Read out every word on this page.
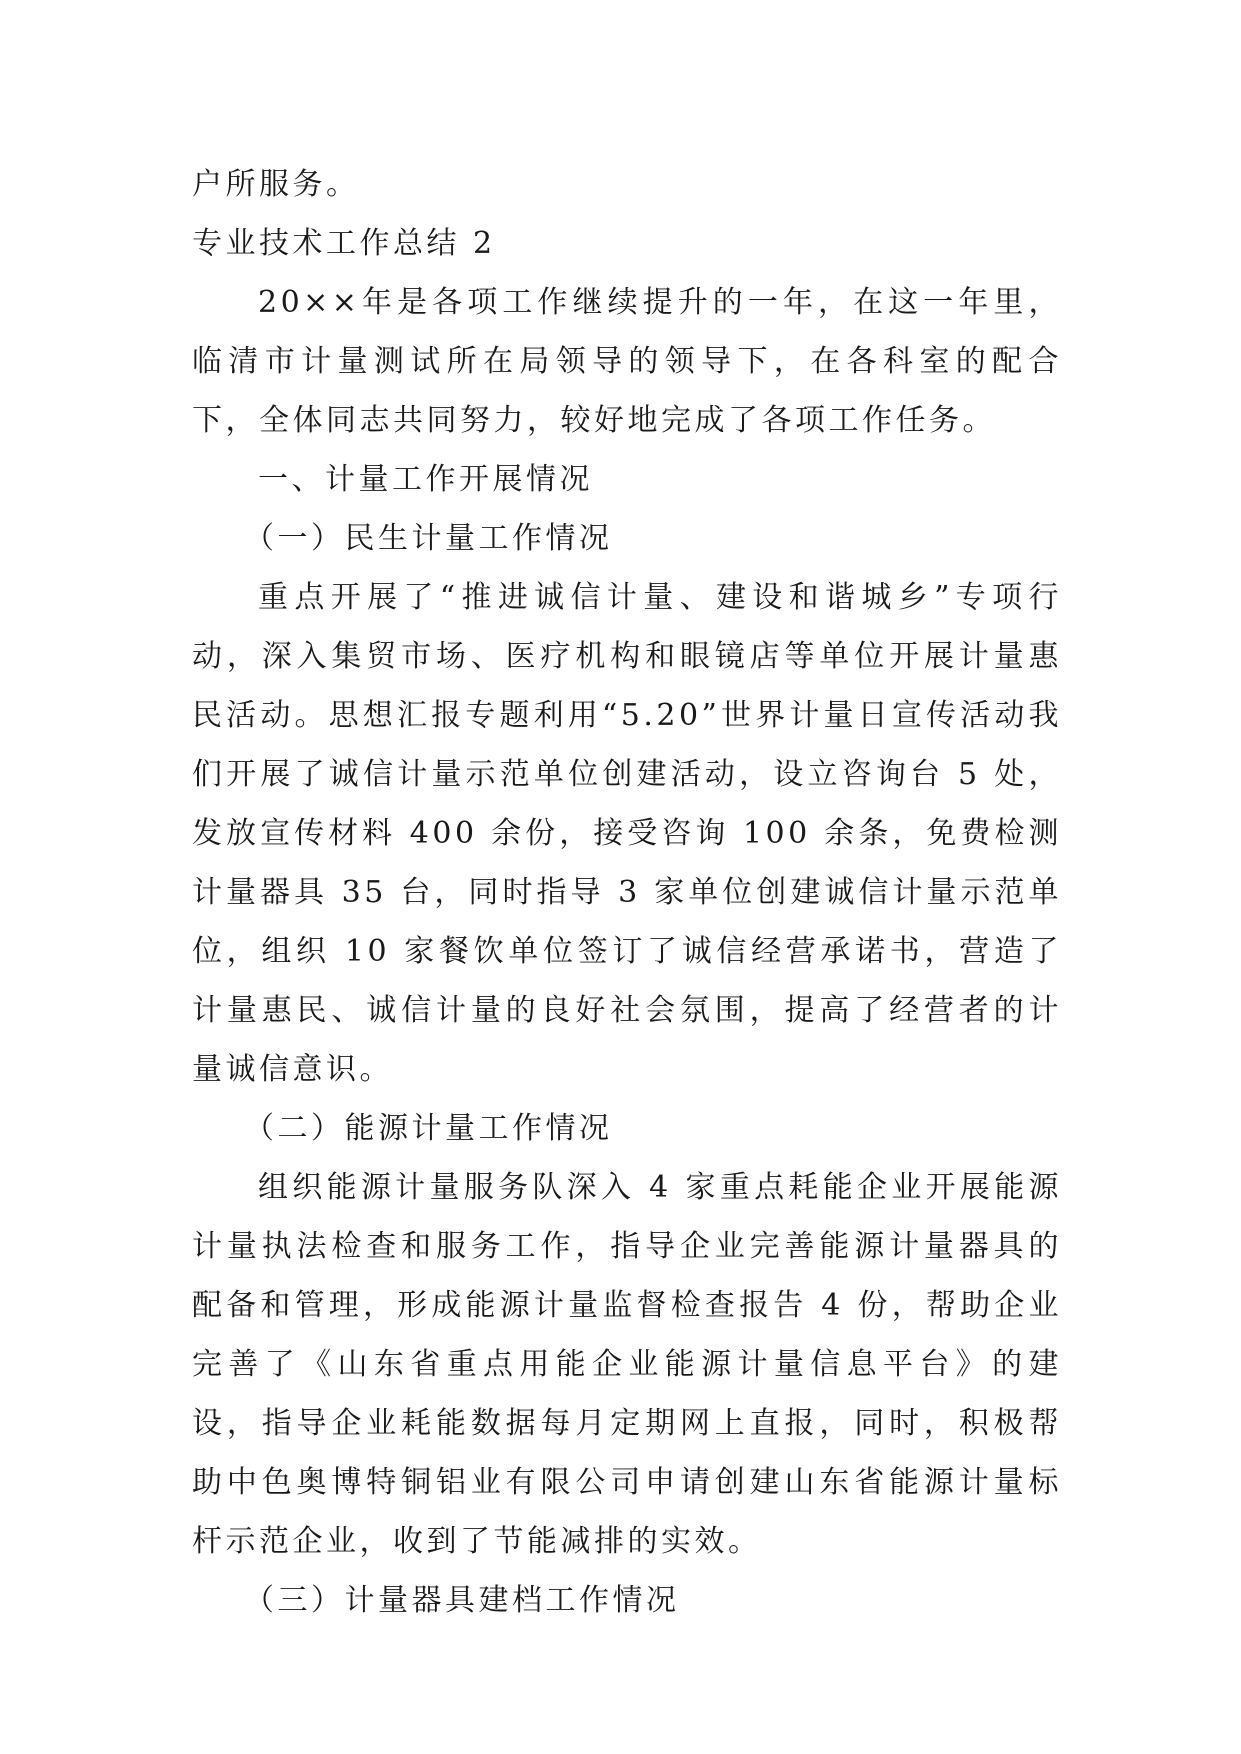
户所服务。

专业技术工作总结 2

20××年是各项工作继续提升的一年，在这一年里，临清市计量测试所在局领导的领导下，在各科室的配合下，全体同志共同努力，较好地完成了各项工作任务。

一、计量工作开展情况

（一）民生计量工作情况

重点开展了“推进诚信计量、建设和谐城乡”专项行动，深入集贸市场、医疗机构和眼镜店等单位开展计量惠民活动。思想汇报专题利用“5.20”世界计量日宣传活动我们开展了诚信计量示范单位创建活动，设立咨询台 5 处，发放宣传材料 400 余份，接受咨询 100 余条，免费检测计量器具 35 台，同时指导 3 家单位创建诚信计量示范单位，组织 10 家餐饮单位签订了诚信经营承诺书，营造了计量惠民、诚信计量的良好社会氛围，提高了经营者的计量诚信意识。

（二）能源计量工作情况

组织能源计量服务队深入 4 家重点耗能企业开展能源计量执法检查和服务工作，指导企业完善能源计量器具的配备和管理，形成能源计量监督检查报告 4 份，帮助企业完善了《山东省重点用能企业能源计量信息平台》的建设，指导企业耗能数据每月定期网上直报，同时，积极帮助中色奥博特铜铝业有限公司申请创建山东省能源计量标杆示范企业，收到了节能减排的实效。

（三）计量器具建档工作情况
